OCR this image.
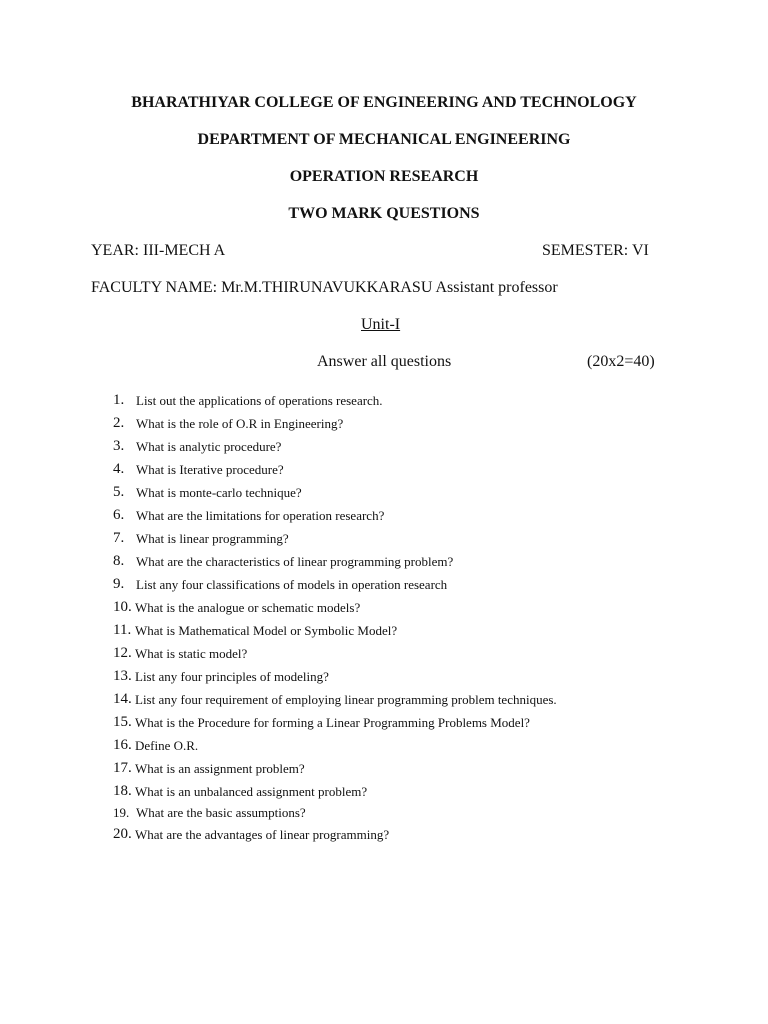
BHARATHIYAR COLLEGE OF ENGINEERING AND TECHNOLOGY
DEPARTMENT OF MECHANICAL ENGINEERING
OPERATION RESEARCH
TWO MARK QUESTIONS
YEAR: III-MECH A	SEMESTER: VI
FACULTY NAME: Mr.M.THIRUNAVUKKARASU Assistant professor
Unit-I
Answer all questions	(20x2=40)
1. List out the applications of operations research.
2. What is the role of O.R in Engineering?
3. What is analytic procedure?
4. What is Iterative procedure?
5. What is monte-carlo technique?
6. What are the limitations for operation research?
7. What is linear programming?
8. What are the characteristics of linear programming problem?
9. List any four classifications of models in operation research
10. What is the analogue or schematic models?
11. What is Mathematical Model or Symbolic Model?
12. What is static model?
13. List any four principles of modeling?
14. List any four requirement of employing linear programming problem techniques.
15. What is the Procedure for forming a Linear Programming Problems Model?
16. Define O.R.
17. What is an assignment problem?
18. What is an unbalanced assignment problem?
19. What are the basic assumptions?
20. What are the advantages of linear programming?
